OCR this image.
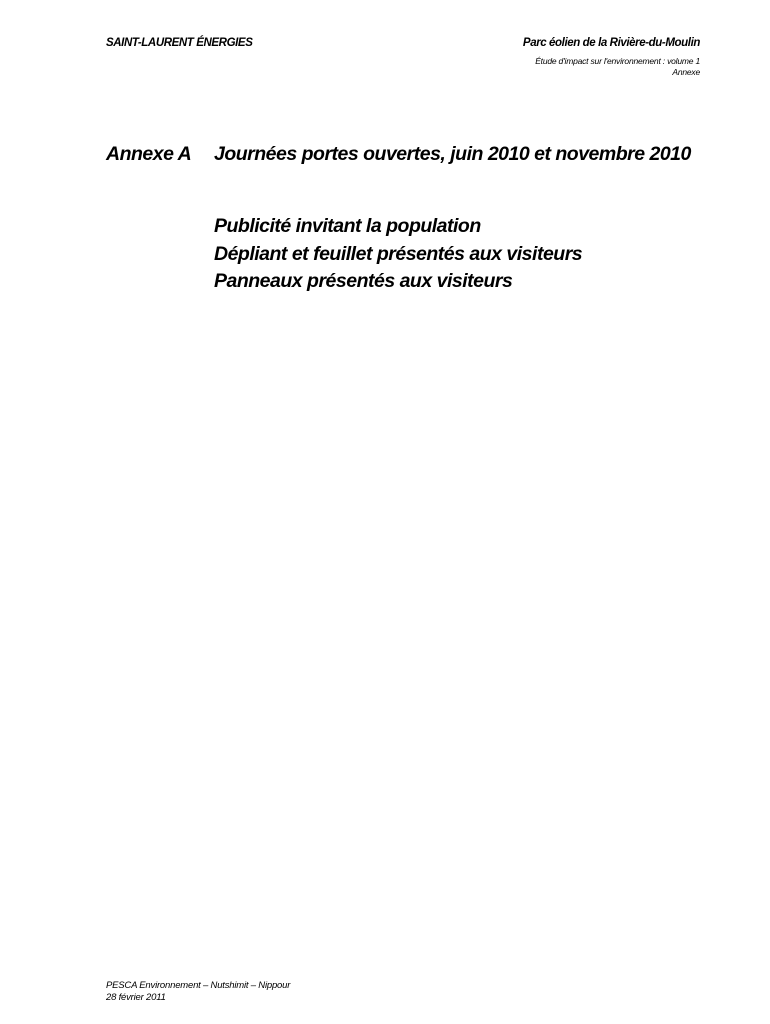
SAINT-LAURENT ÉNERGIES	Parc éolien de la Rivière-du-Moulin
Étude d'impact sur l'environnement : volume 1
Annexe
Annexe A Journées portes ouvertes, juin 2010 et novembre 2010
Publicité invitant la population
Dépliant et feuillet présentés aux visiteurs
Panneaux présentés aux visiteurs
PESCA Environnement – Nutshimit – Nippour
28 février 2011
